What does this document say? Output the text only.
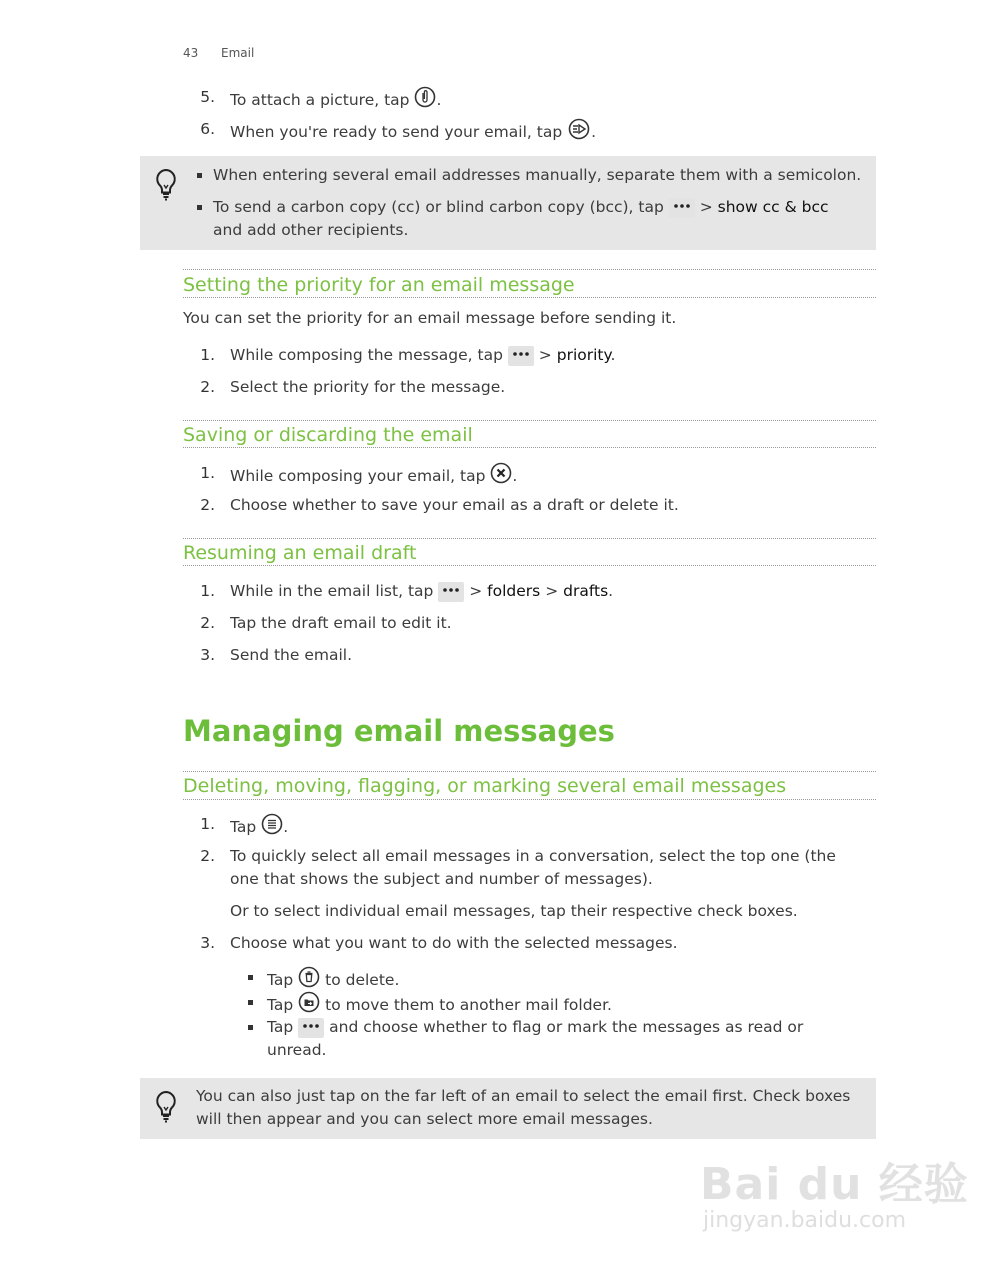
43 Email
5. To attach a picture, tap .
6. When you're ready to send your email, tap .
When entering several email addresses manually, separate them with a semicolon.
To send a carbon copy (cc) or blind carbon copy (bcc), tap > show cc & bcc
and add other recipients.
Setting the priority for an email message
You can set the priority for an email message before sending it.
1. While composing the message, tap > priority.
2. Select the priority for the message.
Saving or discarding the email
1. While composing your email, tap .
2. Choose whether to save your email as a draft or delete it.
Resuming an email draft
1. While in the email list, tap > folders > drafts.
2. Tap the draft email to edit it.
3. Send the email.
Managing email messages
Deleting, moving, flagging, or marking several email messages
1. Tap .
2. To quickly select all email messages in a conversation, select the top one (the
one that shows the subject and number of messages).
Or to select individual email messages, tap their respective check boxes.
3. Choose what you want to do with the selected messages.
Tap to delete.
Tap to move them to another mail folder.
Tap and choose whether to flag or mark the messages as read or
unread.
You can also just tap on the far left of an email to select the email first. Check boxes
will then appear and you can select more email messages.
Bai du 经验
jingyan.baidu.com
